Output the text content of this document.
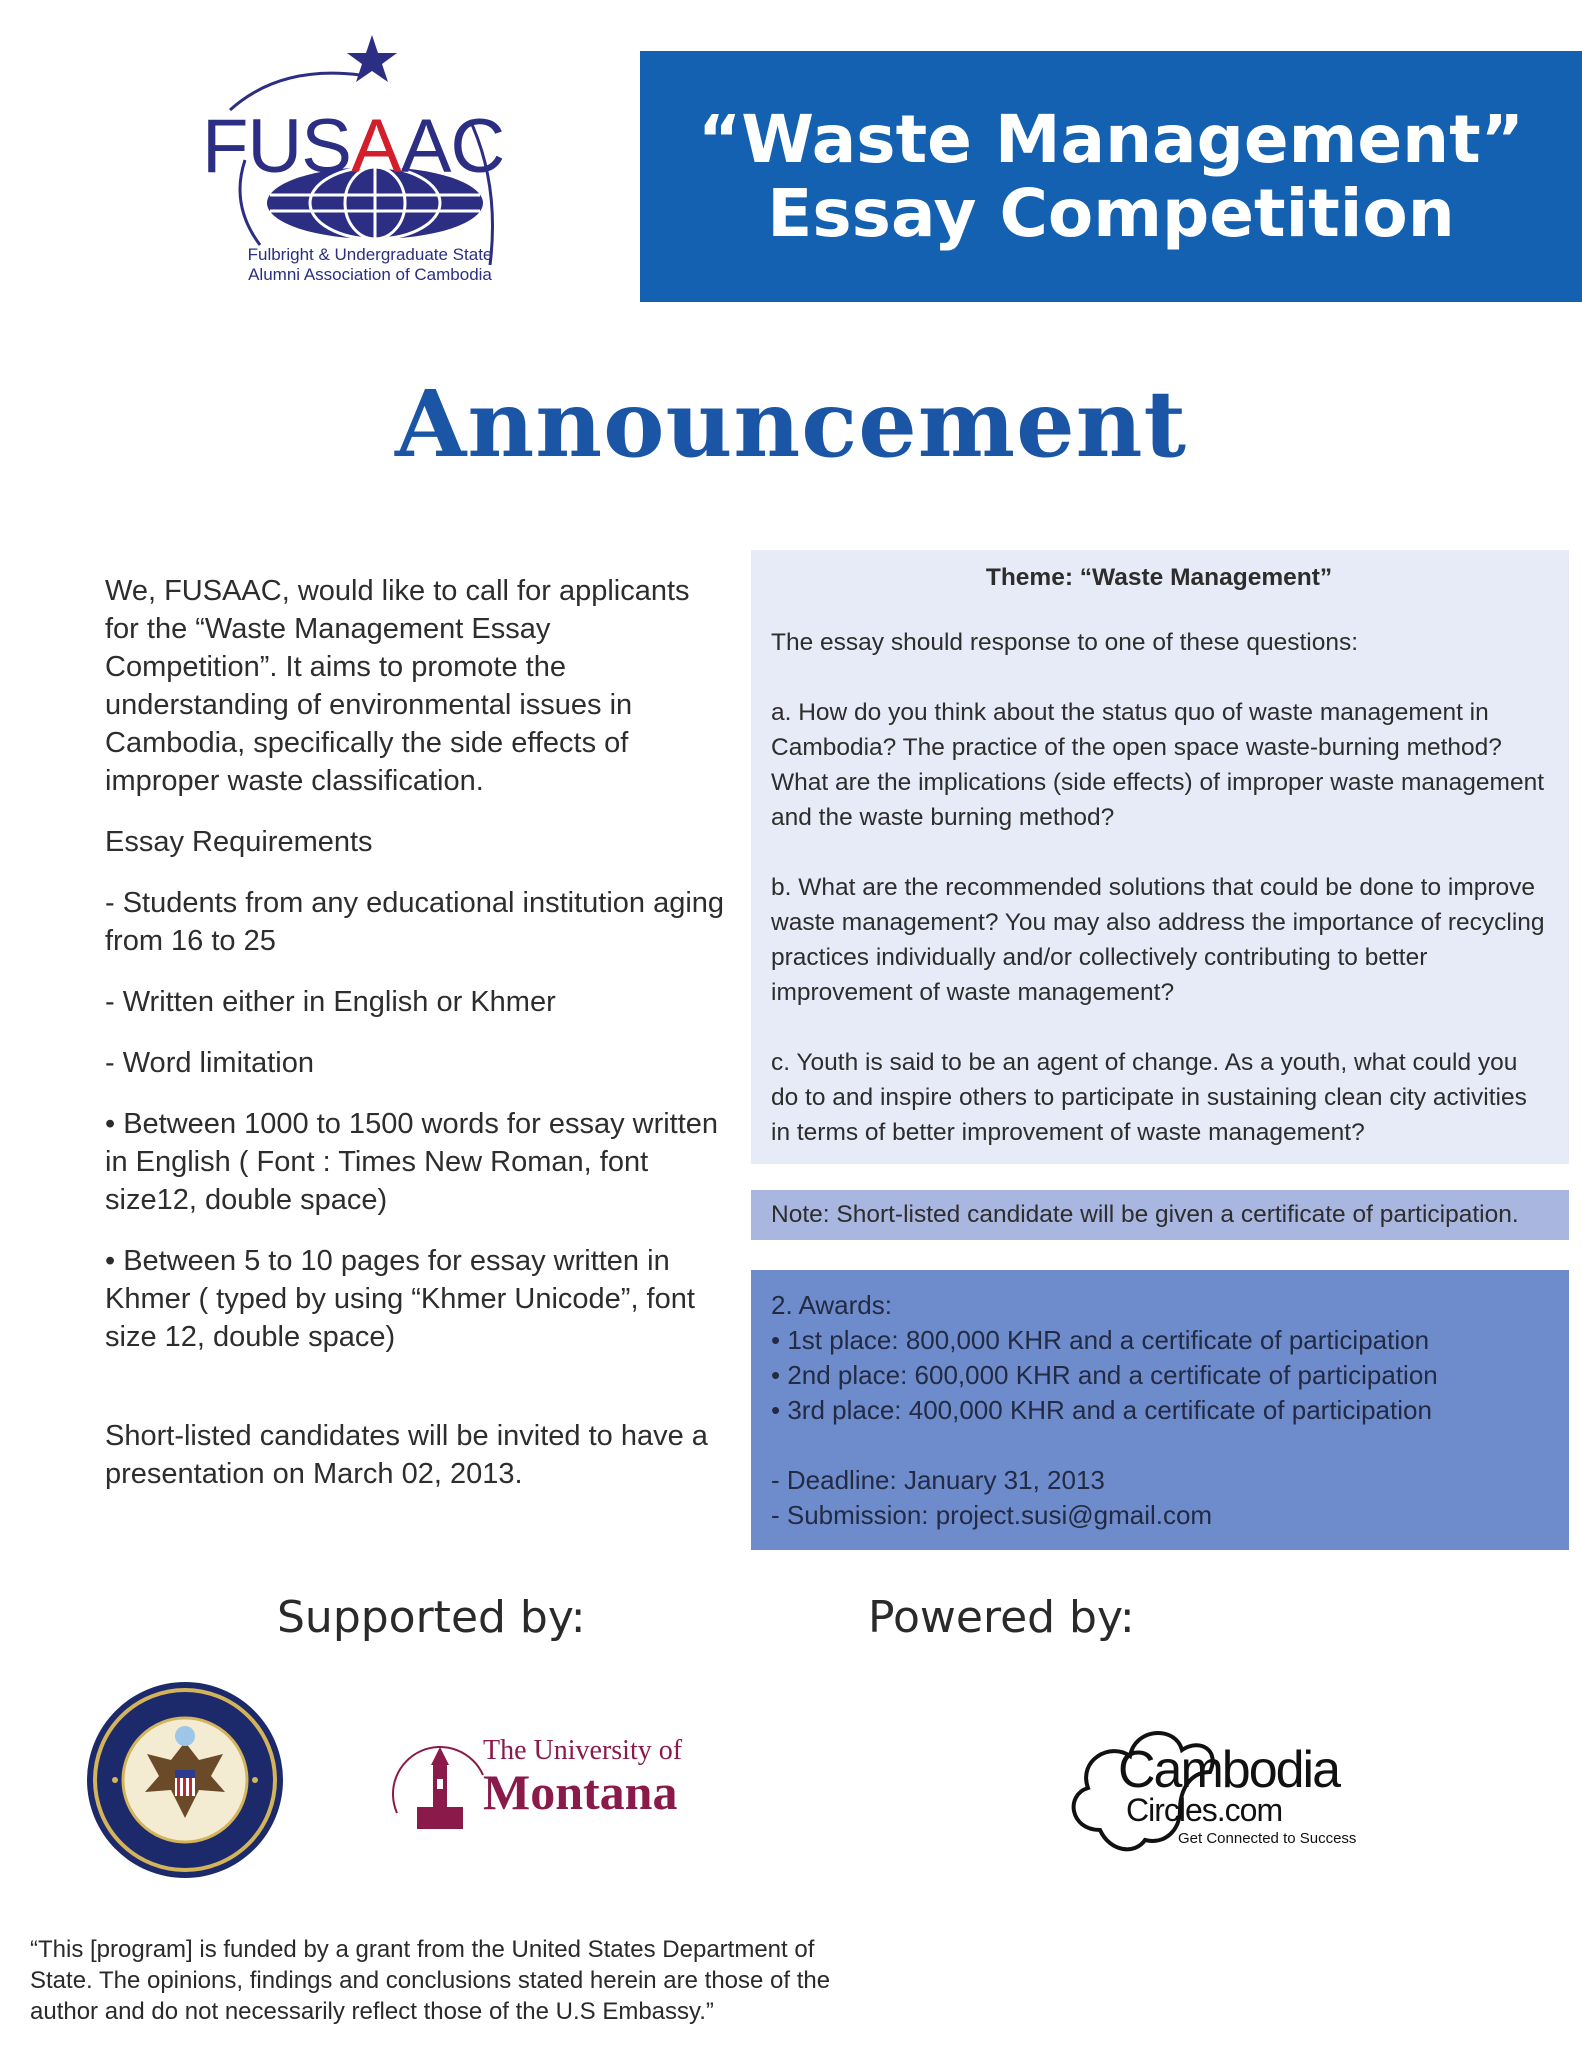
FUSAAC
Fulbright & Undergraduate State
Alumni Association of Cambodia
“Waste Management”
Essay Competition
Announcement

We, FUSAAC, would like to call for applicants for the “Waste Management Essay Competition”. It aims to promote the understanding of environmental issues in Cambodia, specifically the side effects of improper waste classification.

Essay Requirements

- Students from any educational institution aging from 16 to 25

- Written either in English or Khmer

- Word limitation

• Between 1000 to 1500 words for essay written in English ( Font : Times New Roman, font size12, double space)

• Between 5 to 10 pages for essay written in Khmer ( typed by using “Khmer Unicode”, font size 12, double space)

Short-listed candidates will be invited to have a presentation on March 02, 2013.

Theme: “Waste Management”

The essay should response to one of these questions:

a. How do you think about the status quo of waste management in Cambodia? The practice of the open space waste-burning method? What are the implications (side effects) of improper waste management and the waste burning method?

b. What are the recommended solutions that could be done to improve waste management? You may also address the importance of recycling practices individually and/or collectively contributing to better improvement of waste management?

c. Youth is said to be an agent of change. As a youth, what could you do to and inspire others to participate in sustaining clean city activities in terms of better improvement of waste management?

Note: Short-listed candidate will be given a certificate of participation.
2. Awards:
• 1st place: 800,000 KHR and a certificate of participation
• 2nd place: 600,000 KHR and a certificate of participation
• 3rd place: 400,000 KHR and a certificate of participation
- Deadline: January 31, 2013
- Submission: project.susi@gmail.com
Supported by:	Powered by:
The University of
Montana	Cambodia
Circles.com
Get Connected to Success
“This [program] is funded by a grant from the United States Department of State. The opinions, findings and conclusions stated herein are those of the author and do not necessarily reflect those of the U.S Embassy.”
